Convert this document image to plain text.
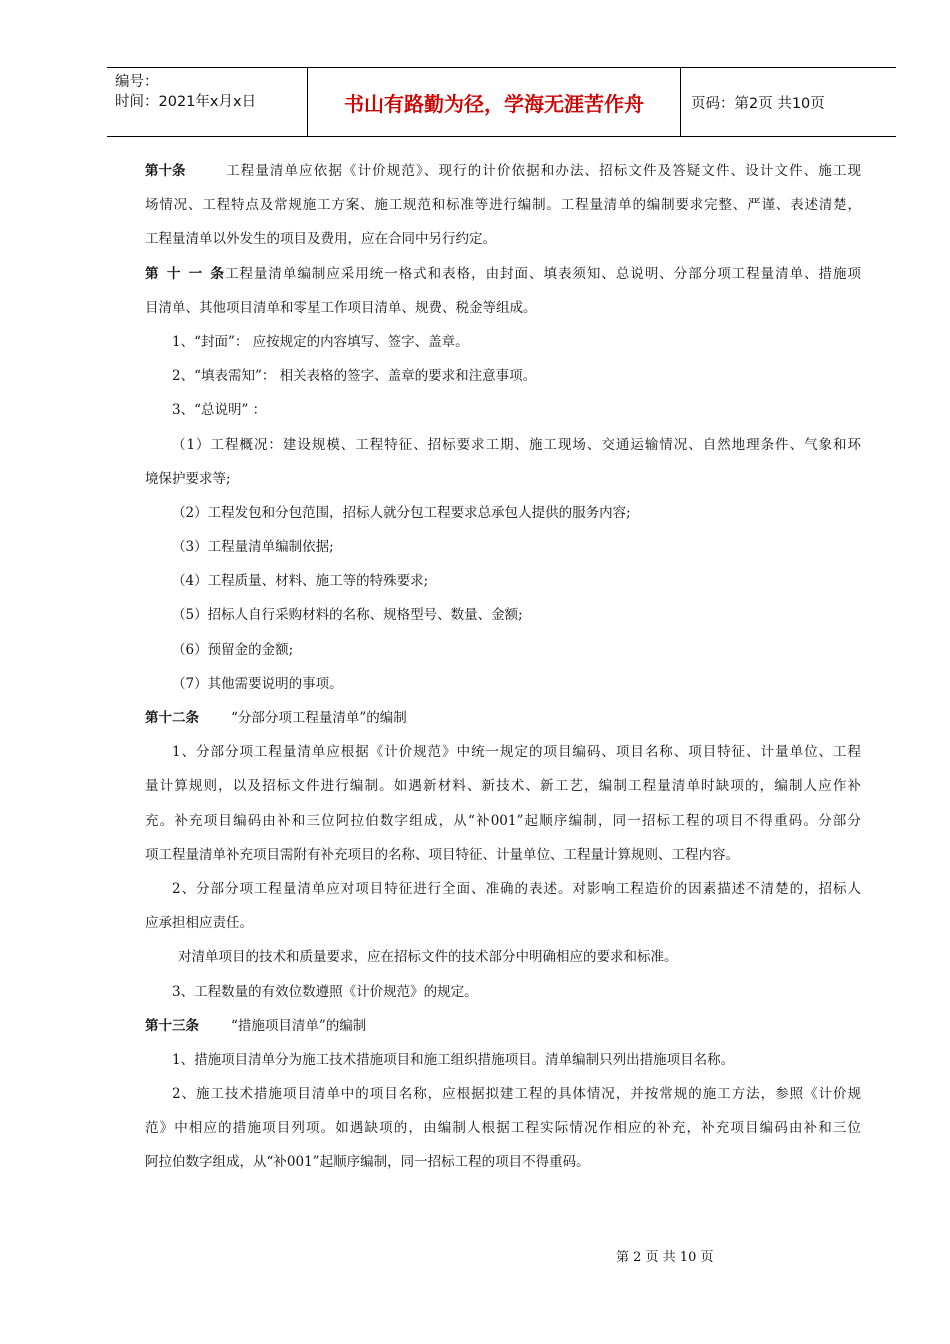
编号：
时间：2021年x月x日	书山有路勤为径，学海无涯苦作舟	页码：第2页 共10页
第十条	工程量清单应依据《计价规范》、现行的计价依据和办法、招标文件及答疑文件、设计文件、施工现
场情况、工程特点及常规施工方案、施工规范和标准等进行编制。工程量清单的编制要求完整、严谨、表述清楚，
工程量清单以外发生的项目及费用，应在合同中另行约定。
第十一条工程量清单编制应采用统一格式和表格，由封面、填表须知、总说明、分部分项工程量清单、措施项
目清单、其他项目清单和零星工作项目清单、规费、税金等组成。
1、“封面”： 应按规定的内容填写、签字、盖章。
2、“填表需知”： 相关表格的签字、盖章的要求和注意事项。
3、“总说明” ：
（1）工程概况：建设规模、工程特征、招标要求工期、施工现场、交通运输情况、自然地理条件、气象和环
境保护要求等;
（2）工程发包和分包范围，招标人就分包工程要求总承包人提供的服务内容;
（3）工程量清单编制依据;
（4）工程质量、材料、施工等的特殊要求;
（5）招标人自行采购材料的名称、规格型号、数量、金额;
（6）预留金的金额;
（7）其他需要说明的事项。
第十二条 “分部分项工程量清单”的编制
1、分部分项工程量清单应根据《计价规范》中统一规定的项目编码、项目名称、项目特征、计量单位、工程
量计算规则，以及招标文件进行编制。如遇新材料、新技术、新工艺，编制工程量清单时缺项的，编制人应作补
充。补充项目编码由补和三位阿拉伯数字组成，从“补001”起顺序编制，同一招标工程的项目不得重码。分部分
项工程量清单补充项目需附有补充项目的名称、项目特征、计量单位、工程量计算规则、工程内容。
2、分部分项工程量清单应对项目特征进行全面、准确的表述。对影响工程造价的因素描述不清楚的，招标人
应承担相应责任。
对清单项目的技术和质量要求，应在招标文件的技术部分中明确相应的要求和标准。
3、工程数量的有效位数遵照《计价规范》的规定。
第十三条 “措施项目清单”的编制
1、措施项目清单分为施工技术措施项目和施工组织措施项目。清单编制只列出措施项目名称。
2、施工技术措施项目清单中的项目名称，应根据拟建工程的具体情况，并按常规的施工方法，参照《计价规
范》中相应的措施项目列项。如遇缺项的，由编制人根据工程实际情况作相应的补充，补充项目编码由补和三位
阿拉伯数字组成，从“补001”起顺序编制，同一招标工程的项目不得重码。
第 2 页 共 10 页
